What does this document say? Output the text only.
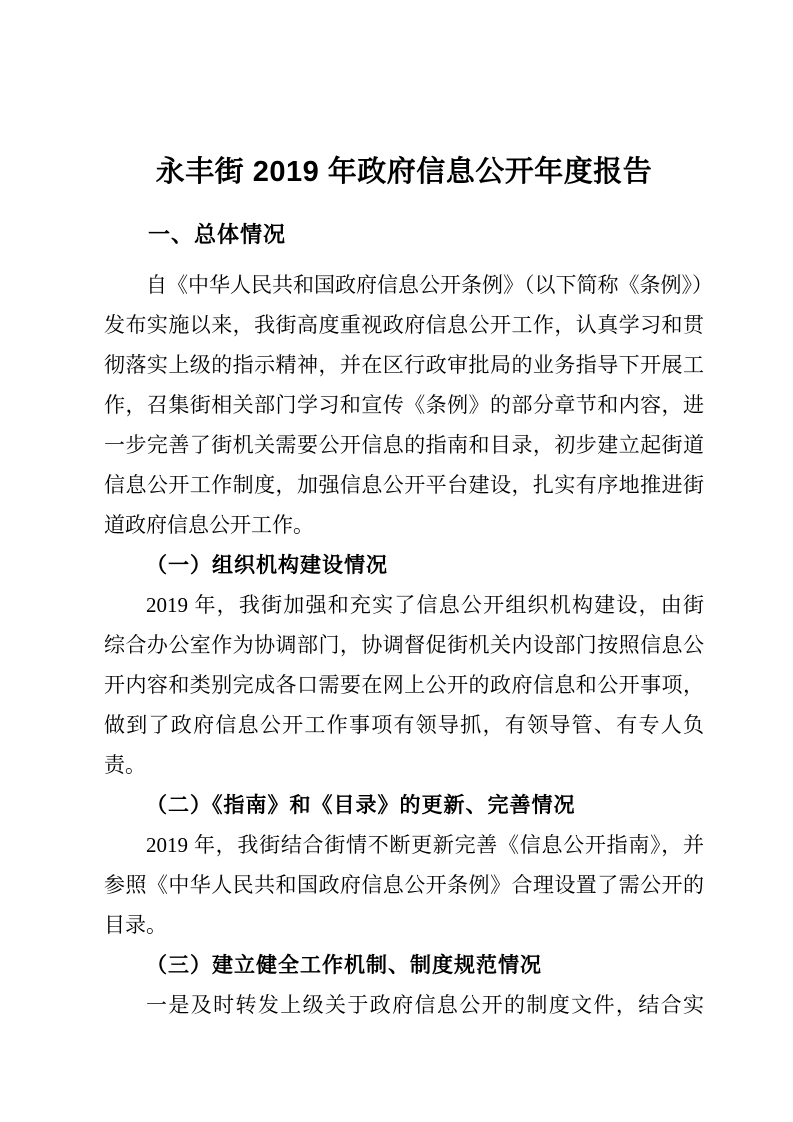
永丰街 2019 年政府信息公开年度报告
一、总体情况
自《中华人民共和国政府信息公开条例》（以下简称《条例》）
发布实施以来，我街高度重视政府信息公开工作，认真学习和贯
彻落实上级的指示精神，并在区行政审批局的业务指导下开展工
作，召集街相关部门学习和宣传《条例》的部分章节和内容，进
一步完善了街机关需要公开信息的指南和目录，初步建立起街道
信息公开工作制度，加强信息公开平台建设，扎实有序地推进街
道政府信息公开工作。
（一）组织机构建设情况
2019 年，我街加强和充实了信息公开组织机构建设，由街
综合办公室作为协调部门，协调督促街机关内设部门按照信息公
开内容和类别完成各口需要在网上公开的政府信息和公开事项，
做到了政府信息公开工作事项有领导抓，有领导管、有专人负责。
（二）《指南》和《目录》的更新、完善情况
2019 年，我街结合街情不断更新完善《信息公开指南》，并
参照《中华人民共和国政府信息公开条例》合理设置了需公开的
目录。
（三）建立健全工作机制、制度规范情况
一是及时转发上级关于政府信息公开的制度文件，结合实
